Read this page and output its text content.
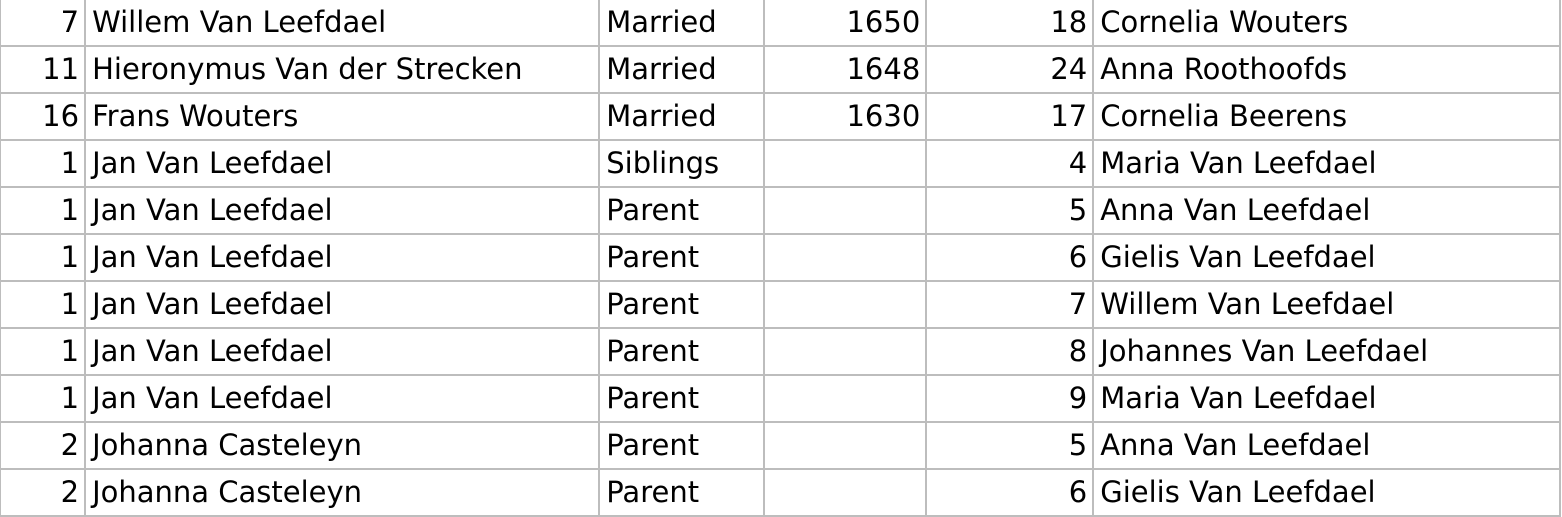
7	Willem Van Leefdael	Married	1650	18	Cornelia Wouters
11	Hieronymus Van der Strecken	Married	1648	24	Anna Roothoofds
16	Frans Wouters	Married	1630	17	Cornelia Beerens
1	Jan Van Leefdael	Siblings		4	Maria Van Leefdael
1	Jan Van Leefdael	Parent		5	Anna Van Leefdael
1	Jan Van Leefdael	Parent		6	Gielis Van Leefdael
1	Jan Van Leefdael	Parent		7	Willem Van Leefdael
1	Jan Van Leefdael	Parent		8	Johannes Van Leefdael
1	Jan Van Leefdael	Parent		9	Maria Van Leefdael
2	Johanna Casteleyn	Parent		5	Anna Van Leefdael
2	Johanna Casteleyn	Parent		6	Gielis Van Leefdael
